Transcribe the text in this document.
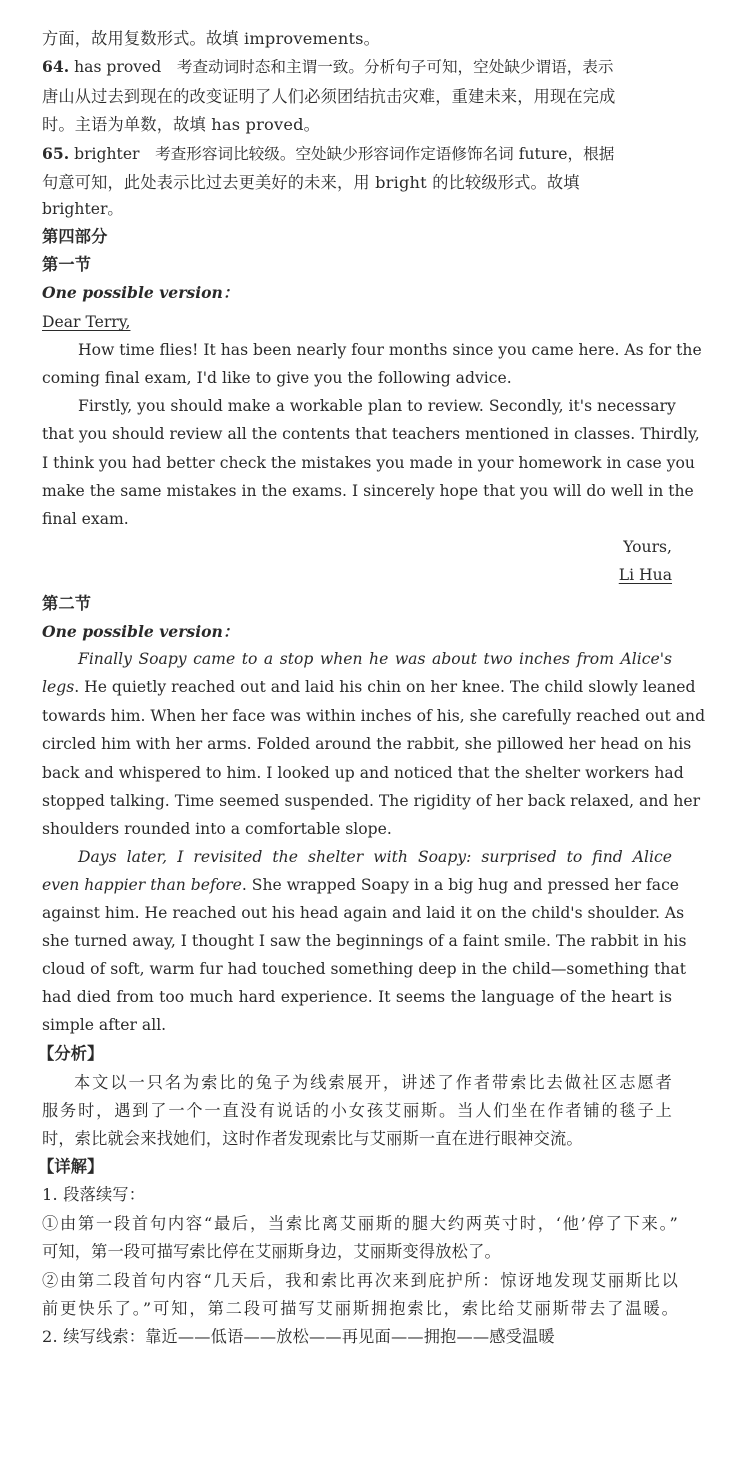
方面，故用复数形式。故填 improvements。
64. has proved　考查动词时态和主谓一致。分析句子可知，空处缺少谓语，表示
唐山从过去到现在的改变证明了人们必须团结抗击灾难，重建未来，用现在完成
时。主语为单数，故填 has proved。
65. brighter　考查形容词比较级。空处缺少形容词作定语修饰名词 future，根据
句意可知，此处表示比过去更美好的未来，用 bright 的比较级形式。故填
brighter。
第四部分
第一节
One possible version：
Dear Terry,
How time flies! It has been nearly four months since you came here. As for the
coming final exam, I'd like to give you the following advice.
Firstly, you should make a workable plan to review. Secondly, it's necessary
that you should review all the contents that teachers mentioned in classes. Thirdly,
I think you had better check the mistakes you made in your homework in case you
make the same mistakes in the exams. I sincerely hope that you will do well in the
final exam.
Yours,
Li Hua
第二节
One possible version：
Finally Soapy came to a stop when he was about two inches from Alice's
legs. He quietly reached out and laid his chin on her knee. The child slowly leaned
towards him. When her face was within inches of his, she carefully reached out and
circled him with her arms. Folded around the rabbit, she pillowed her head on his
back and whispered to him. I looked up and noticed that the shelter workers had
stopped talking. Time seemed suspended. The rigidity of her back relaxed, and her
shoulders rounded into a comfortable slope.
Days later, I revisited the shelter with Soapy: surprised to find Alice
even happier than before. She wrapped Soapy in a big hug and pressed her face
against him. He reached out his head again and laid it on the child's shoulder. As
she turned away, I thought I saw the beginnings of a faint smile. The rabbit in his
cloud of soft, warm fur had touched something deep in the child—something that
had died from too much hard experience. It seems the language of the heart is
simple after all.
【分析】
本文以一只名为索比的兔子为线索展开，讲述了作者带索比去做社区志愿者
服务时，遇到了一个一直没有说话的小女孩艾丽斯。当人们坐在作者铺的毯子上
时，索比就会来找她们，这时作者发现索比与艾丽斯一直在进行眼神交流。
【详解】
1. 段落续写：
①由第一段首句内容“最后，当索比离艾丽斯的腿大约两英寸时，‘他’停了下来。”
可知，第一段可描写索比停在艾丽斯身边，艾丽斯变得放松了。
②由第二段首句内容“几天后，我和索比再次来到庇护所：惊讶地发现艾丽斯比以
前更快乐了。”可知，第二段可描写艾丽斯拥抱索比，索比给艾丽斯带去了温暖。
2. 续写线索：靠近——低语——放松——再见面——拥抱——感受温暖
